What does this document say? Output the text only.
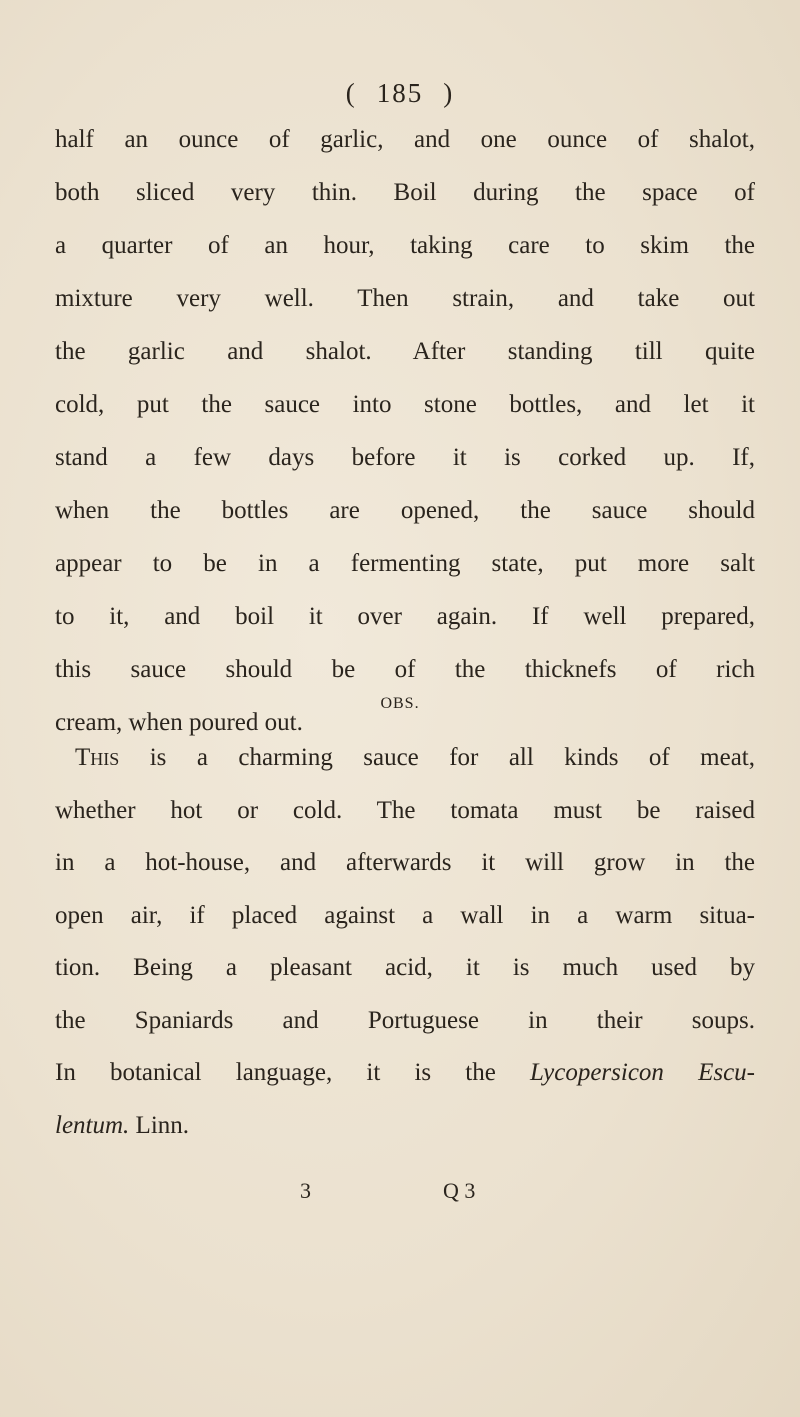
( 185 )
half an ounce of garlic, and one ounce of shalot,
both sliced very thin. Boil during the space of
a quarter of an hour, taking care to skim the
mixture very well. Then strain, and take out
the garlic and shalot. After standing till quite
cold, put the sauce into stone bottles, and let it
stand a few days before it is corked up. If,
when the bottles are opened, the sauce should
appear to be in a fermenting state, put more salt
to it, and boil it over again. If well prepared,
this sauce should be of the thicknefs of rich
cream, when poured out.
OBS.
This is a charming sauce for all kinds of meat,
whether hot or cold. The tomata must be raised
in a hot-house, and afterwards it will grow in the
open air, if placed against a wall in a warm situa-
tion. Being a pleasant acid, it is much used by
the Spaniards and Portuguese in their soups.
In botanical language, it is the Lycopersicon Escu-
lentum. Linn.
3	Q 3
